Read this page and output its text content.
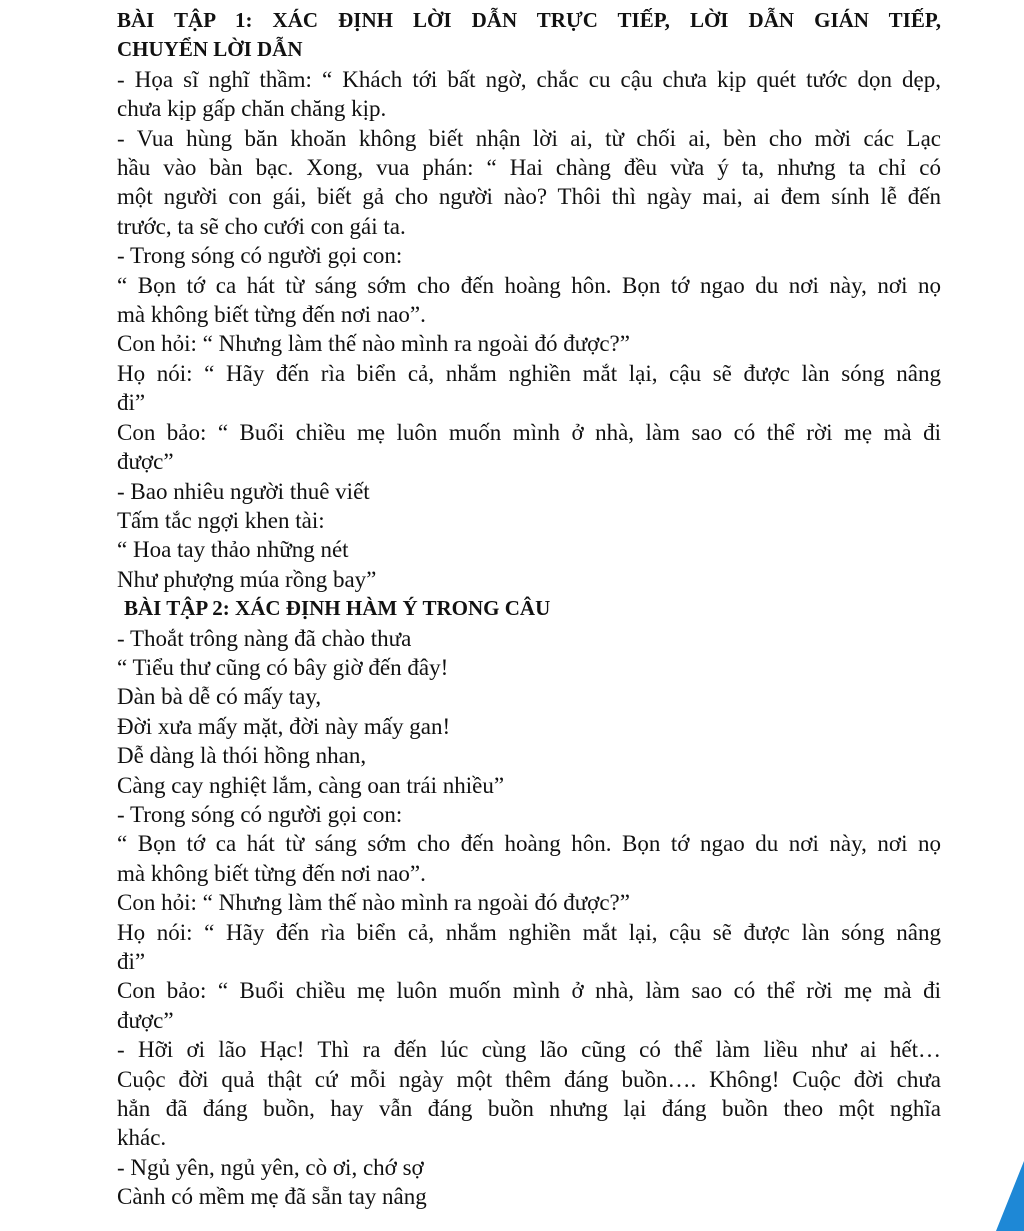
BÀI TẬP 1: XÁC ĐỊNH LỜI DẪN TRỰC TIẾP, LỜI DẪN GIÁN TIẾP,
CHUYỂN LỜI DẪN
- Họa sĩ nghĩ thầm: “ Khách tới bất ngờ, chắc cu cậu chưa kịp quét tước dọn dẹp,
chưa kịp gấp chăn chăng kịp.
- Vua hùng băn khoăn không biết nhận lời ai, từ chối ai, bèn cho mời các Lạc
hầu vào bàn bạc. Xong, vua phán: “ Hai chàng đều vừa ý ta, nhưng ta chỉ có
một người con gái, biết gả cho người nào? Thôi thì ngày mai, ai đem sính lễ đến
trước, ta sẽ cho cưới con gái ta.
- Trong sóng có người gọi con:
“ Bọn tớ ca hát từ sáng sớm cho đến hoàng hôn. Bọn tớ ngao du nơi này, nơi nọ
mà không biết từng đến nơi nao”.
Con hỏi: “ Nhưng làm thế nào mình ra ngoài đó được?”
Họ nói: “ Hãy đến rìa biển cả, nhắm nghiền mắt lại, cậu sẽ được làn sóng nâng
đi”
Con bảo: “ Buổi chiều mẹ luôn muốn mình ở nhà, làm sao có thể rời mẹ mà đi
được”
- Bao nhiêu người thuê viết
Tấm tắc ngợi khen tài:
“ Hoa tay thảo những nét
Như phượng múa rồng bay”
BÀI TẬP 2: XÁC ĐỊNH HÀM Ý TRONG CÂU
- Thoắt trông nàng đã chào thưa
“ Tiểu thư cũng có bây giờ đến đây!
Dàn bà dễ có mấy tay,
Đời xưa mấy mặt, đời này mấy gan!
Dễ dàng là thói hồng nhan,
Càng cay nghiệt lắm, càng oan trái nhiều”
- Trong sóng có người gọi con:
“ Bọn tớ ca hát từ sáng sớm cho đến hoàng hôn. Bọn tớ ngao du nơi này, nơi nọ
mà không biết từng đến nơi nao”.
Con hỏi: “ Nhưng làm thế nào mình ra ngoài đó được?”
Họ nói: “ Hãy đến rìa biển cả, nhắm nghiền mắt lại, cậu sẽ được làn sóng nâng
đi”
Con bảo: “ Buổi chiều mẹ luôn muốn mình ở nhà, làm sao có thể rời mẹ mà đi
được”
- Hỡi ơi lão Hạc! Thì ra đến lúc cùng lão cũng có thể làm liều như ai hết…
Cuộc đời quả thật cứ mỗi ngày một thêm đáng buồn…. Không! Cuộc đời chưa
hẳn đã đáng buồn, hay vẫn đáng buồn nhưng lại đáng buồn theo một nghĩa
khác.
- Ngủ yên, ngủ yên, cò ơi, chớ sợ
Cành có mềm mẹ đã sẵn tay nâng
